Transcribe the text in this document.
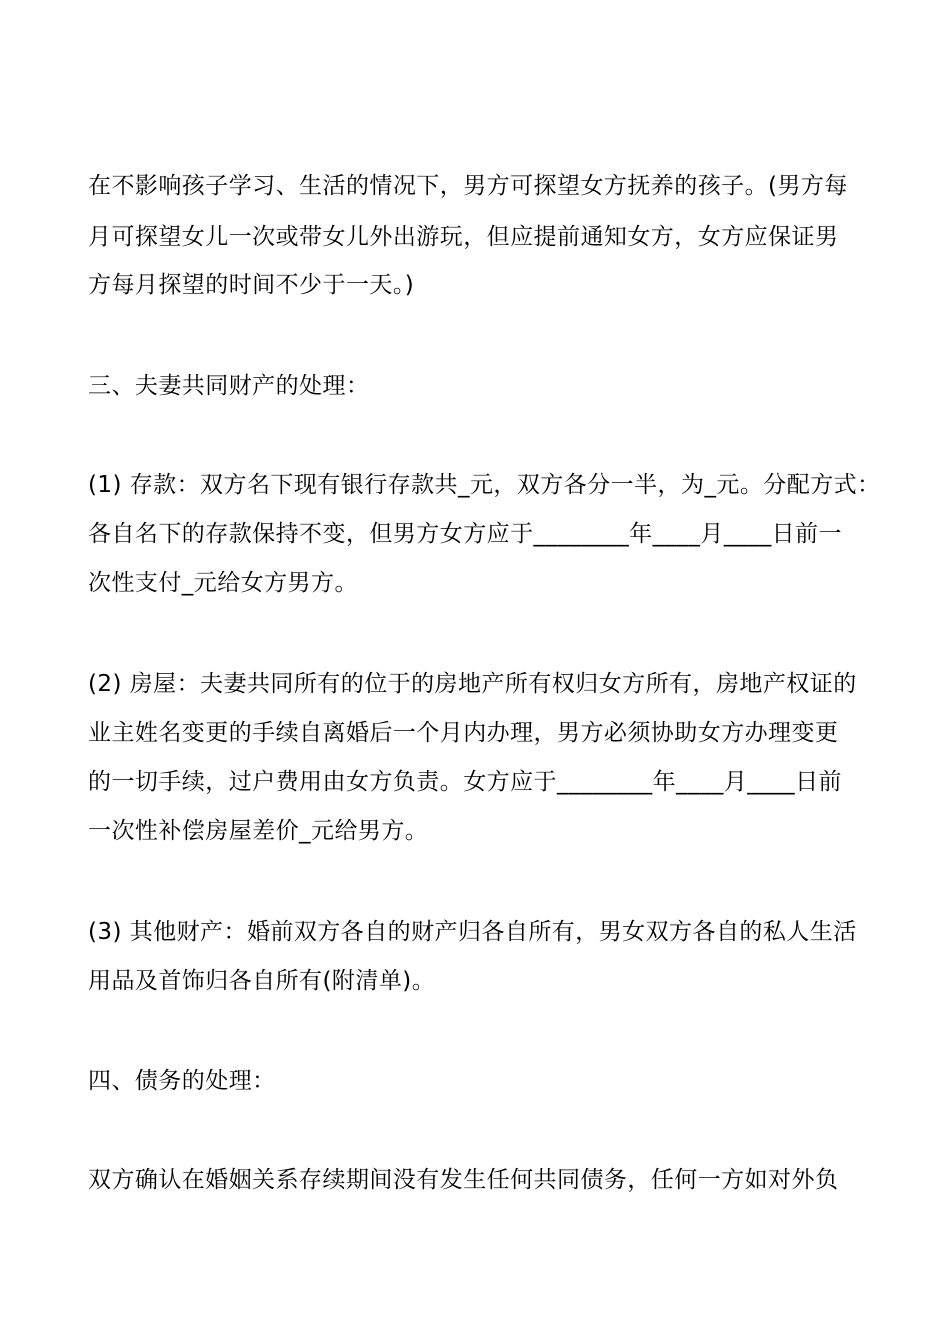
在不影响孩子学习、生活的情况下，男方可探望女方抚养的孩子。(男方每
月可探望女儿一次或带女儿外出游玩，但应提前通知女方，女方应保证男
方每月探望的时间不少于一天。)
三、夫妻共同财产的处理：
(1) 存款：双方名下现有银行存款共_元，双方各分一半，为_元。分配方式：
各自名下的存款保持不变，但男方女方应于________年____月____日前一
次性支付_元给女方男方。
(2) 房屋：夫妻共同所有的位于的房地产所有权归女方所有，房地产权证的
业主姓名变更的手续自离婚后一个月内办理，男方必须协助女方办理变更
的一切手续，过户费用由女方负责。女方应于________年____月____日前
一次性补偿房屋差价_元给男方。
(3) 其他财产：婚前双方各自的财产归各自所有，男女双方各自的私人生活
用品及首饰归各自所有(附清单)。
四、债务的处理：
双方确认在婚姻关系存续期间没有发生任何共同债务，任何一方如对外负
